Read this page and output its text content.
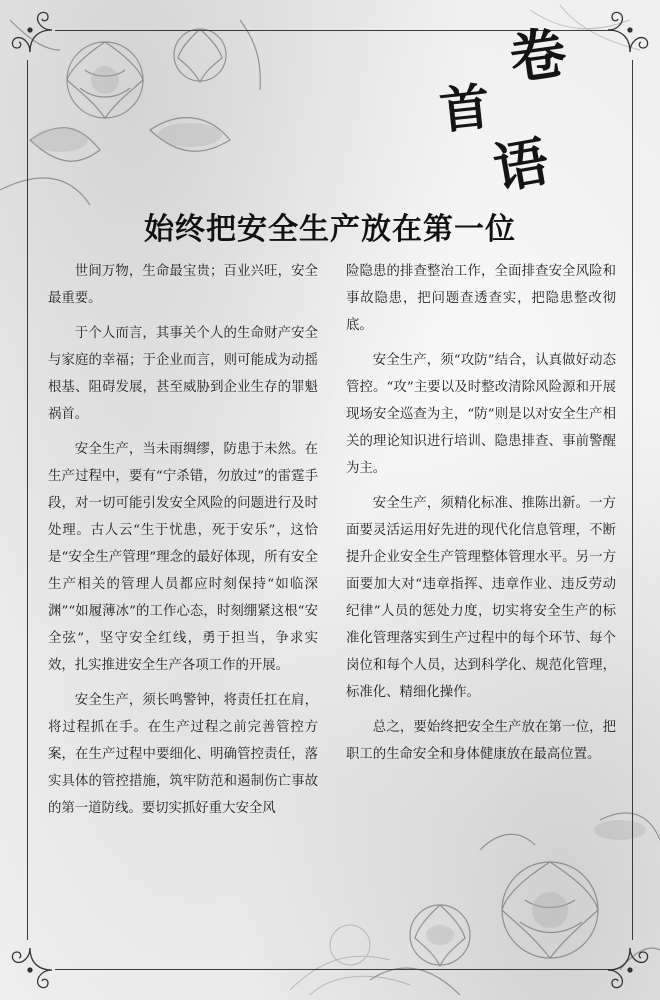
卷
首
语
始终把安全生产放在第一位

世间万物，生命最宝贵；百业兴旺，安全最重要。

于个人而言，其事关个人的生命财产安全与家庭的幸福；于企业而言，则可能成为动摇根基、阻碍发展，甚至威胁到企业生存的罪魁祸首。

安全生产，当未雨绸缪，防患于未然。在生产过程中，要有“宁杀错，勿放过”的雷霆手段，对一切可能引发安全风险的问题进行及时处理。古人云“生于忧患，死于安乐”，这恰是“安全生产管理”理念的最好体现，所有安全生产相关的管理人员都应时刻保持“如临深渊”“如履薄冰”的工作心态，时刻绷紧这根“安全弦”，坚守安全红线，勇于担当，争求实效，扎实推进安全生产各项工作的开展。

安全生产，须长鸣警钟，将责任扛在肩，将过程抓在手。在生产过程之前完善管控方案，在生产过程中要细化、明确管控责任，落实具体的管控措施，筑牢防范和遏制伤亡事故的第一道防线。要切实抓好重大安全风

险隐患的排查整治工作，全面排查安全风险和事故隐患，把问题查透查实，把隐患整改彻底。

安全生产，须“攻防”结合，认真做好动态管控。“攻”主要以及时整改清除风险源和开展现场安全巡查为主，“防”则是以对安全生产相关的理论知识进行培训、隐患排查、事前警醒为主。

安全生产，须精化标准、推陈出新。一方面要灵活运用好先进的现代化信息管理，不断提升企业安全生产管理整体管理水平。另一方面要加大对“违章指挥、违章作业、违反劳动纪律”人员的惩处力度，切实将安全生产的标准化管理落实到生产过程中的每个环节、每个岗位和每个人员，达到科学化、规范化管理，标准化、精细化操作。

总之，要始终把安全生产放在第一位，把职工的生命安全和身体健康放在最高位置。
